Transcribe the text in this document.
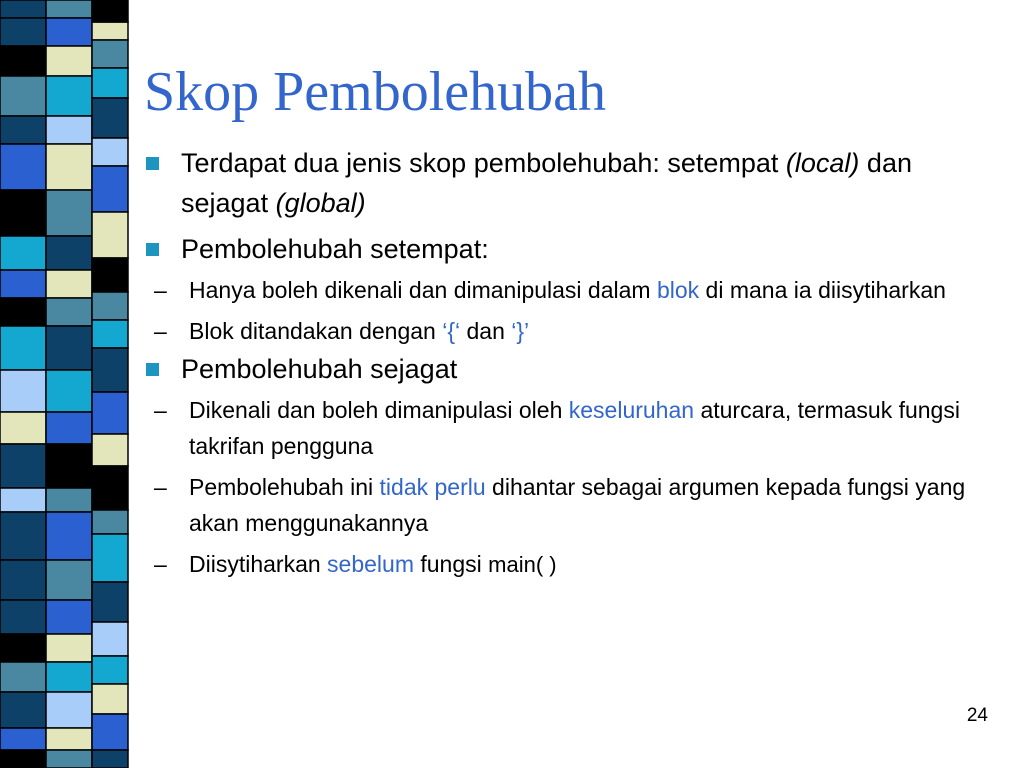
Skop Pembolehubah
Terdapat dua jenis skop pembolehubah: setempat (local) dan sejagat (global)
Pembolehubah setempat:
– Hanya boleh dikenali dan dimanipulasi dalam blok di mana ia diisytiharkan
– Blok ditandakan dengan ‘{‘ dan ‘}’
Pembolehubah sejagat
– Dikenali dan boleh dimanipulasi oleh keseluruhan aturcara, termasuk fungsi takrifan pengguna
– Pembolehubah ini tidak perlu dihantar sebagai argumen kepada fungsi yang akan menggunakannya
– Diisytiharkan sebelum fungsi main( )
24
